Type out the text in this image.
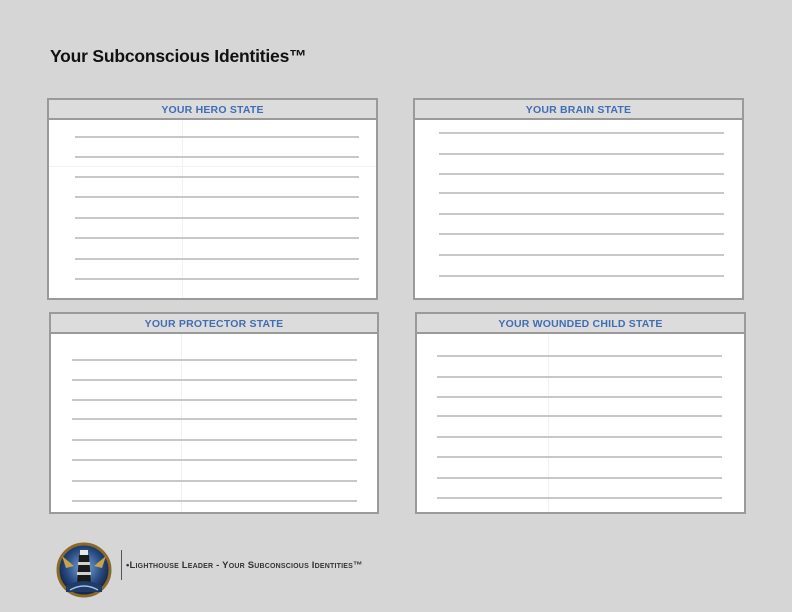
Your Subconscious Identities™
YOUR HERO STATE	YOUR BRAIN STATE
YOUR PROTECTOR STATE	YOUR WOUNDED CHILD STATE
•Lighthouse Leader - Your Subconscious Identities™
